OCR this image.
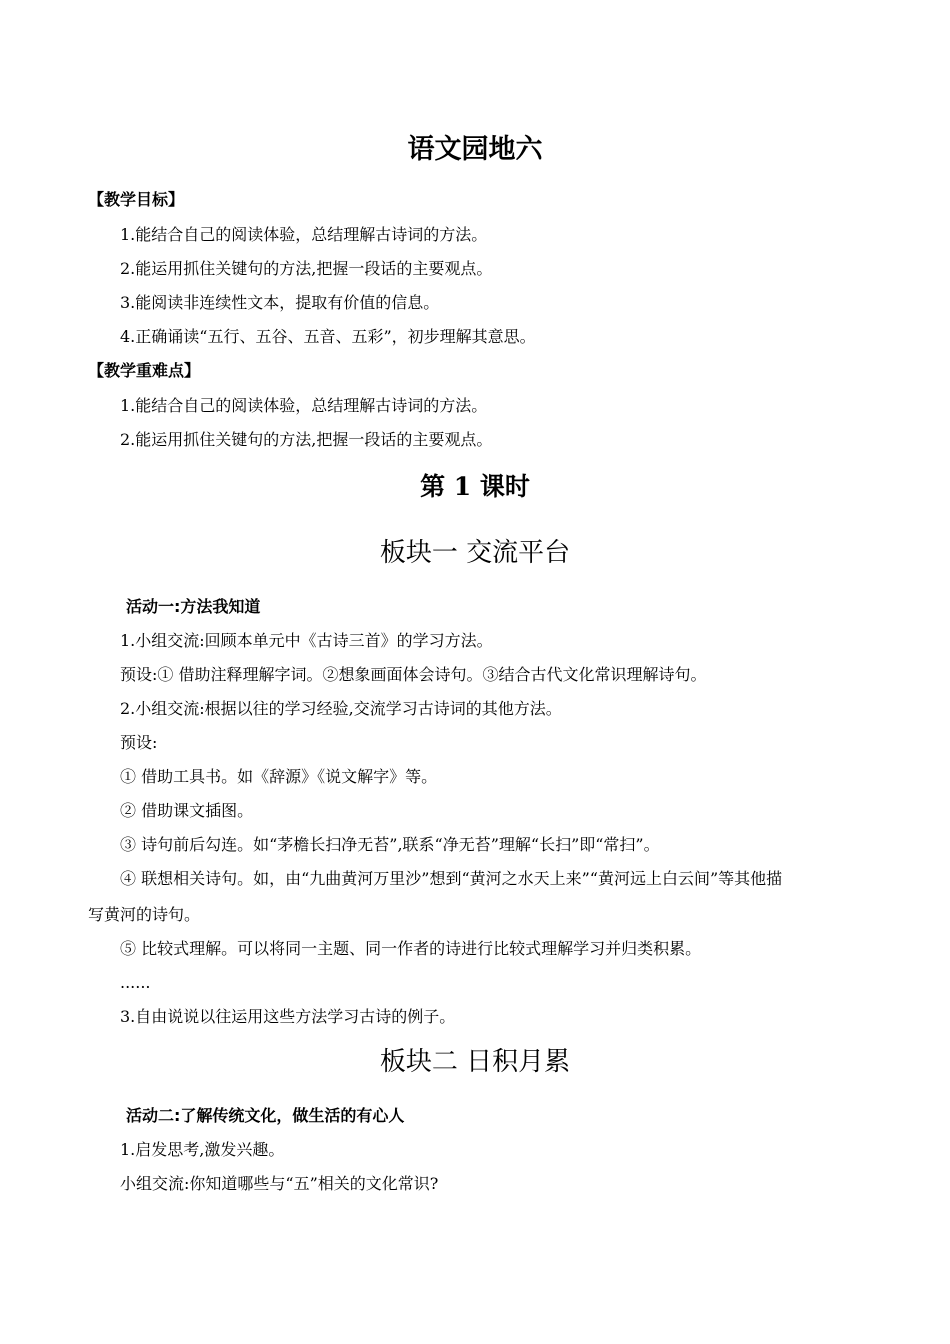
语文园地六
【教学目标】
1.能结合自己的阅读体验，总结理解古诗词的方法。
2.能运用抓住关键句的方法,把握一段话的主要观点。
3.能阅读非连续性文本，提取有价值的信息。
4.正确诵读“五行、五谷、五音、五彩”，初步理解其意思。
【教学重难点】
1.能结合自己的阅读体验，总结理解古诗词的方法。
2.能运用抓住关键句的方法,把握一段话的主要观点。
第 1 课时
板块一 交流平台
活动一:方法我知道
1.小组交流:回顾本单元中《古诗三首》的学习方法。
预设:① 借助注释理解字词。②想象画面体会诗句。③结合古代文化常识理解诗句。
2.小组交流:根据以往的学习经验,交流学习古诗词的其他方法。
预设:
① 借助工具书。如《辞源》《说文解字》等。
② 借助课文插图。
③ 诗句前后勾连。如“茅檐长扫净无苔”,联系“净无苔”理解“长扫”即“常扫”。
④ 联想相关诗句。如，由“九曲黄河万里沙”想到“黄河之水天上来”“黄河远上白云间”等其他描
写黄河的诗句。
⑤ 比较式理解。可以将同一主题、同一作者的诗进行比较式理解学习并归类积累。
......
3.自由说说以往运用这些方法学习古诗的例子。
板块二 日积月累
活动二:了解传统文化，做生活的有心人
1.启发思考,激发兴趣。
小组交流:你知道哪些与“五”相关的文化常识?
